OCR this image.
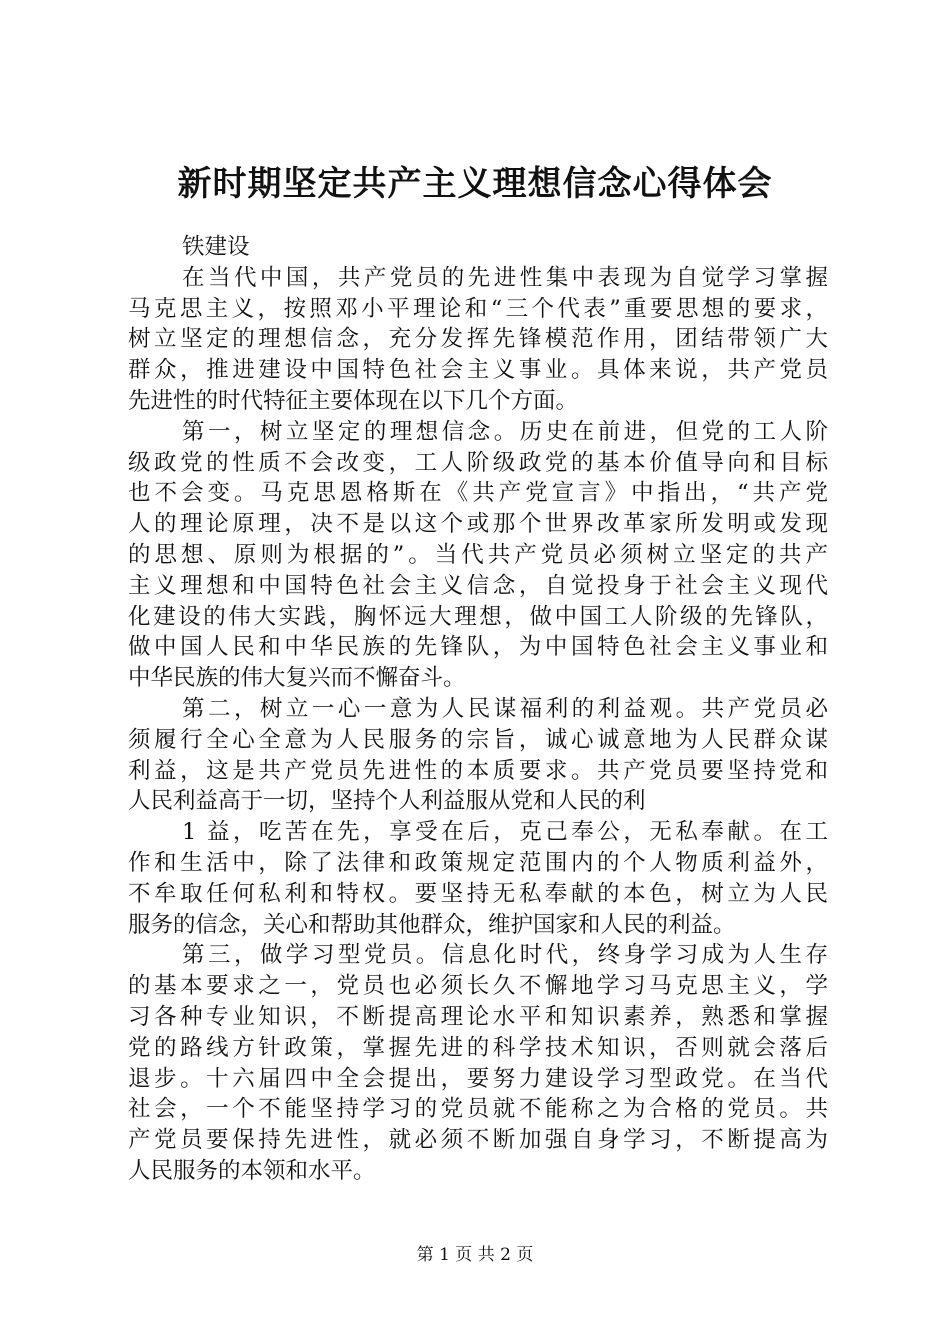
新时期坚定共产主义理想信念心得体会
铁建设
在当代中国，共产党员的先进性集中表现为自觉学习掌握
马克思主义，按照邓小平理论和“三个代表”重要思想的要求，
树立坚定的理想信念，充分发挥先锋模范作用，团结带领广大
群众，推进建设中国特色社会主义事业。具体来说，共产党员
先进性的时代特征主要体现在以下几个方面。
第一，树立坚定的理想信念。历史在前进，但党的工人阶
级政党的性质不会改变，工人阶级政党的基本价值导向和目标
也不会变。马克思恩格斯在《共产党宣言》中指出，“共产党
人的理论原理，决不是以这个或那个世界改革家所发明或发现
的思想、原则为根据的”。当代共产党员必须树立坚定的共产
主义理想和中国特色社会主义信念，自觉投身于社会主义现代
化建设的伟大实践，胸怀远大理想，做中国工人阶级的先锋队，
做中国人民和中华民族的先锋队，为中国特色社会主义事业和
中华民族的伟大复兴而不懈奋斗。
第二，树立一心一意为人民谋福利的利益观。共产党员必
须履行全心全意为人民服务的宗旨，诚心诚意地为人民群众谋
利益，这是共产党员先进性的本质要求。共产党员要坚持党和
人民利益高于一切，坚持个人利益服从党和人民的利
1 益，吃苦在先，享受在后，克己奉公，无私奉献。在工
作和生活中，除了法律和政策规定范围内的个人物质利益外，
不牟取任何私利和特权。要坚持无私奉献的本色，树立为人民
服务的信念，关心和帮助其他群众，维护国家和人民的利益。
第三，做学习型党员。信息化时代，终身学习成为人生存
的基本要求之一，党员也必须长久不懈地学习马克思主义，学
习各种专业知识，不断提高理论水平和知识素养，熟悉和掌握
党的路线方针政策，掌握先进的科学技术知识，否则就会落后
退步。十六届四中全会提出，要努力建设学习型政党。在当代
社会，一个不能坚持学习的党员就不能称之为合格的党员。共
产党员要保持先进性，就必须不断加强自身学习，不断提高为
人民服务的本领和水平。
第 1 页 共 2 页
